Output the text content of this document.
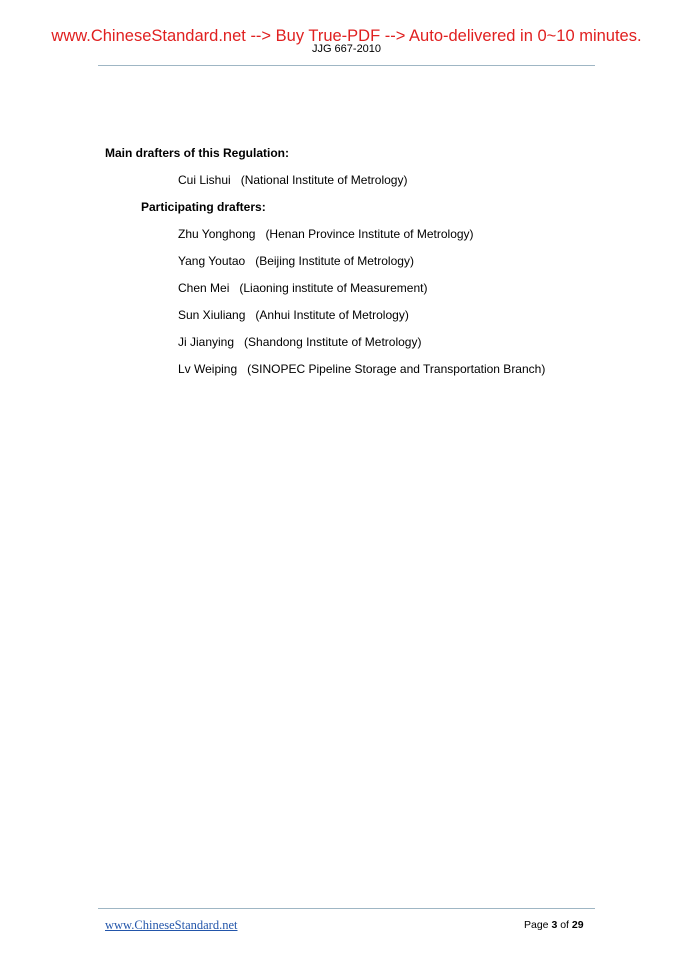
www.ChineseStandard.net --> Buy True-PDF --> Auto-delivered in 0~10 minutes.
JJG 667-2010
Main drafters of this Regulation:
Cui Lishui (National Institute of Metrology)
Participating drafters:
Zhu Yonghong (Henan Province Institute of Metrology)
Yang Youtao (Beijing Institute of Metrology)
Chen Mei (Liaoning institute of Measurement)
Sun Xiuliang (Anhui Institute of Metrology)
Ji Jianying (Shandong Institute of Metrology)
Lv Weiping (SINOPEC Pipeline Storage and Transportation Branch)
www.ChineseStandard.net	Page 3 of 29
